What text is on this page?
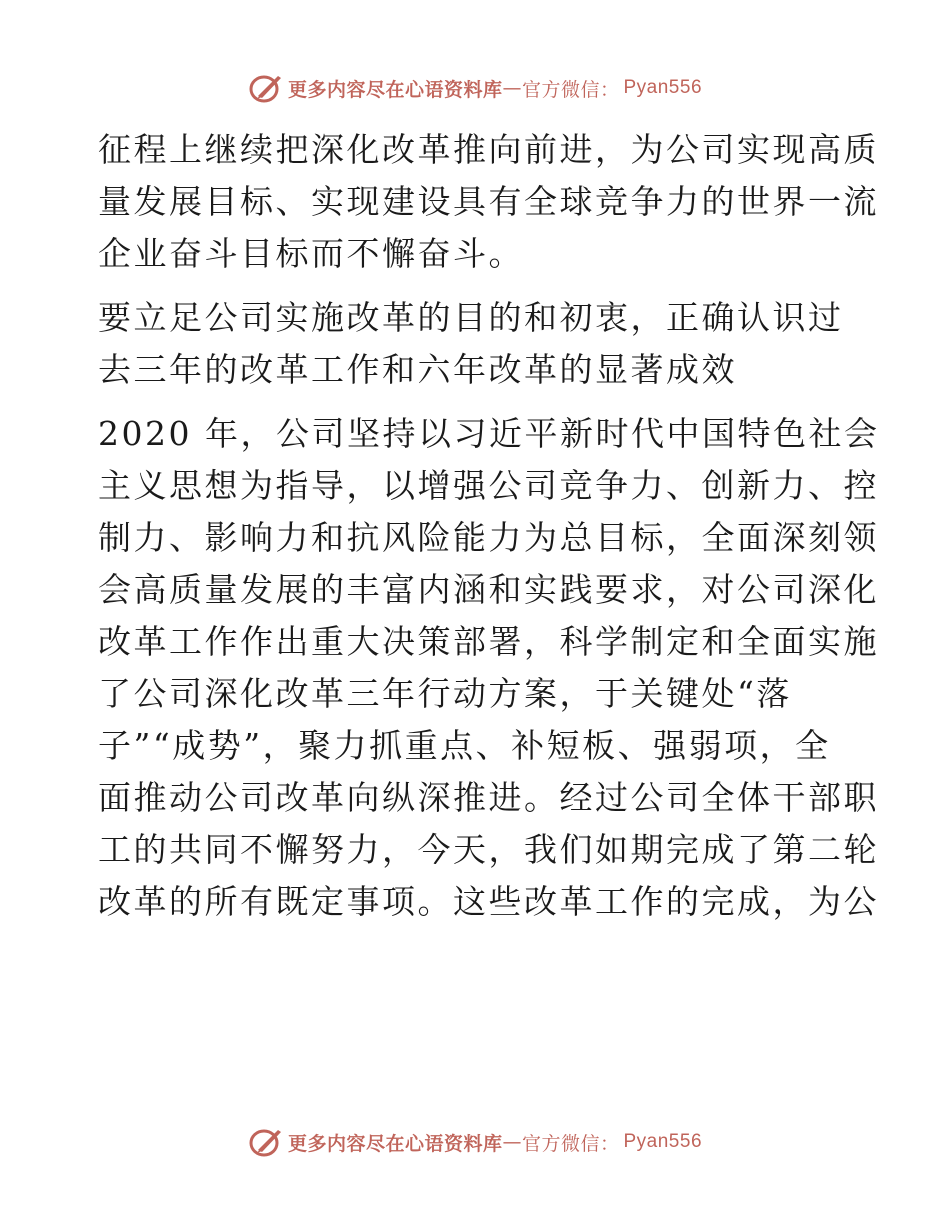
更多内容尽在心语资料库 — 官方微信： Pyan556

征程上继续把深化改革推向前进，为公司实现高质
量发展目标、实现建设具有全球竞争力的世界一流
企业奋斗目标而不懈奋斗。

要立足公司实施改革的目的和初衷，正确认识过
去三年的改革工作和六年改革的显著成效

2020 年，公司坚持以习近平新时代中国特色社会
主义思想为指导，以增强公司竞争力、创新力、控
制力、影响力和抗风险能力为总目标，全面深刻领
会高质量发展的丰富内涵和实践要求，对公司深化
改革工作作出重大决策部署，科学制定和全面实施
了公司深化改革三年行动方案，于关键处“落
子”“成势”，聚力抓重点、补短板、强弱项，全
面推动公司改革向纵深推进。经过公司全体干部职
工的共同不懈努力，今天，我们如期完成了第二轮
改革的所有既定事项。这些改革工作的完成，为公

更多内容尽在心语资料库 — 官方微信： Pyan556
